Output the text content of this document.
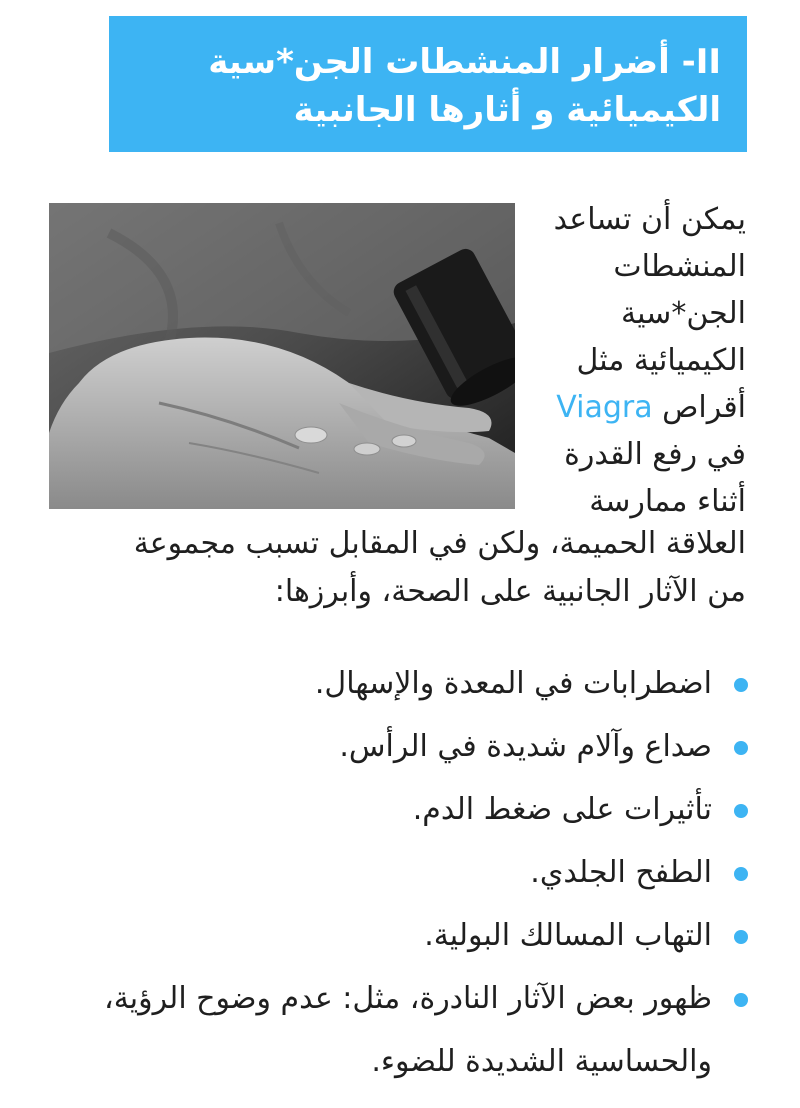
II- أضرار المنشطات الجن*سية
الكيميائية و أثارها الجانبية
يمكن أن تساعد
المنشطات
الجن*سية
الكيميائية مثل
أقراص Viagra
في رفع القدرة
أثناء ممارسة
العلاقة الحميمة، ولكن في المقابل تسبب مجموعة
من الآثار الجانبية على الصحة، وأبرزها:
اضطرابات في المعدة والإسهال.
صداع وآلام شديدة في الرأس.
تأثيرات على ضغط الدم.
الطفح الجلدي.
التهاب المسالك البولية.
ظهور بعض الآثار النادرة، مثل: عدم وضوح الرؤية،
والحساسية الشديدة للضوء.
